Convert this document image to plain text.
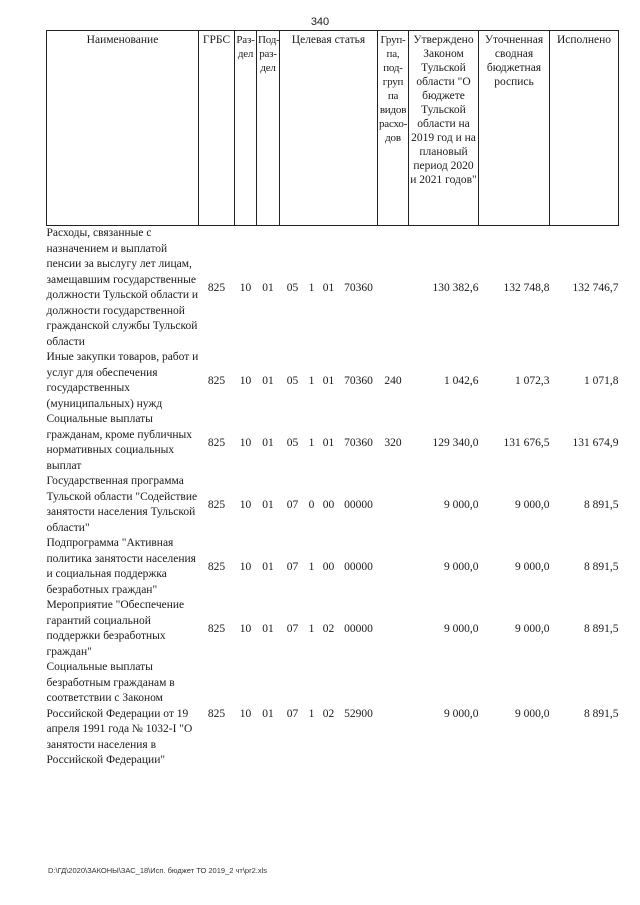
340
Наименование	ГРБС	Раз-дел	Под-раз-дел	Целевая статья				Груп-па, под-груп па видов расхо-дов	Утверждено Законом Тульской области "О бюджете Тульской области на 2019 год и на плановый период 2020 и 2021 годов"	Уточненная сводная бюджетная роспись	Исполнено
Расходы, связанные с назначением и выплатой пенсии за выслугу лет лицам, замещавшим государственные должности Тульской области и должности государственной гражданской службы Тульской области	825	10	01	05	1	01	70360		130 382,6	132 748,8	132 746,7
Иные закупки товаров, работ и услуг для обеспечения государственных (муниципальных) нужд	825	10	01	05	1	01	70360	240	1 042,6	1 072,3	1 071,8
Социальные выплаты гражданам, кроме публичных нормативных социальных выплат	825	10	01	05	1	01	70360	320	129 340,0	131 676,5	131 674,9
Государственная программа Тульской области "Содействие занятости населения Тульской области"	825	10	01	07	0	00	00000		9 000,0	9 000,0	8 891,5
Подпрограмма "Активная политика занятости населения и социальная поддержка безработных граждан"	825	10	01	07	1	00	00000		9 000,0	9 000,0	8 891,5
Мероприятие "Обеспечение гарантий социальной поддержки безработных граждан"	825	10	01	07	1	02	00000		9 000,0	9 000,0	8 891,5
Социальные выплаты безработным гражданам в соответствии с Законом Российской Федерации от 19 апреля 1991 года № 1032-I "О занятости населения в Российской Федерации"	825	10	01	07	1	02	52900		9 000,0	9 000,0	8 891,5
D:\ГД\2020\ЗАКОНЫ\ЗАС_18\Исп. бюджет ТО 2019_2 чт\pr2.xls
